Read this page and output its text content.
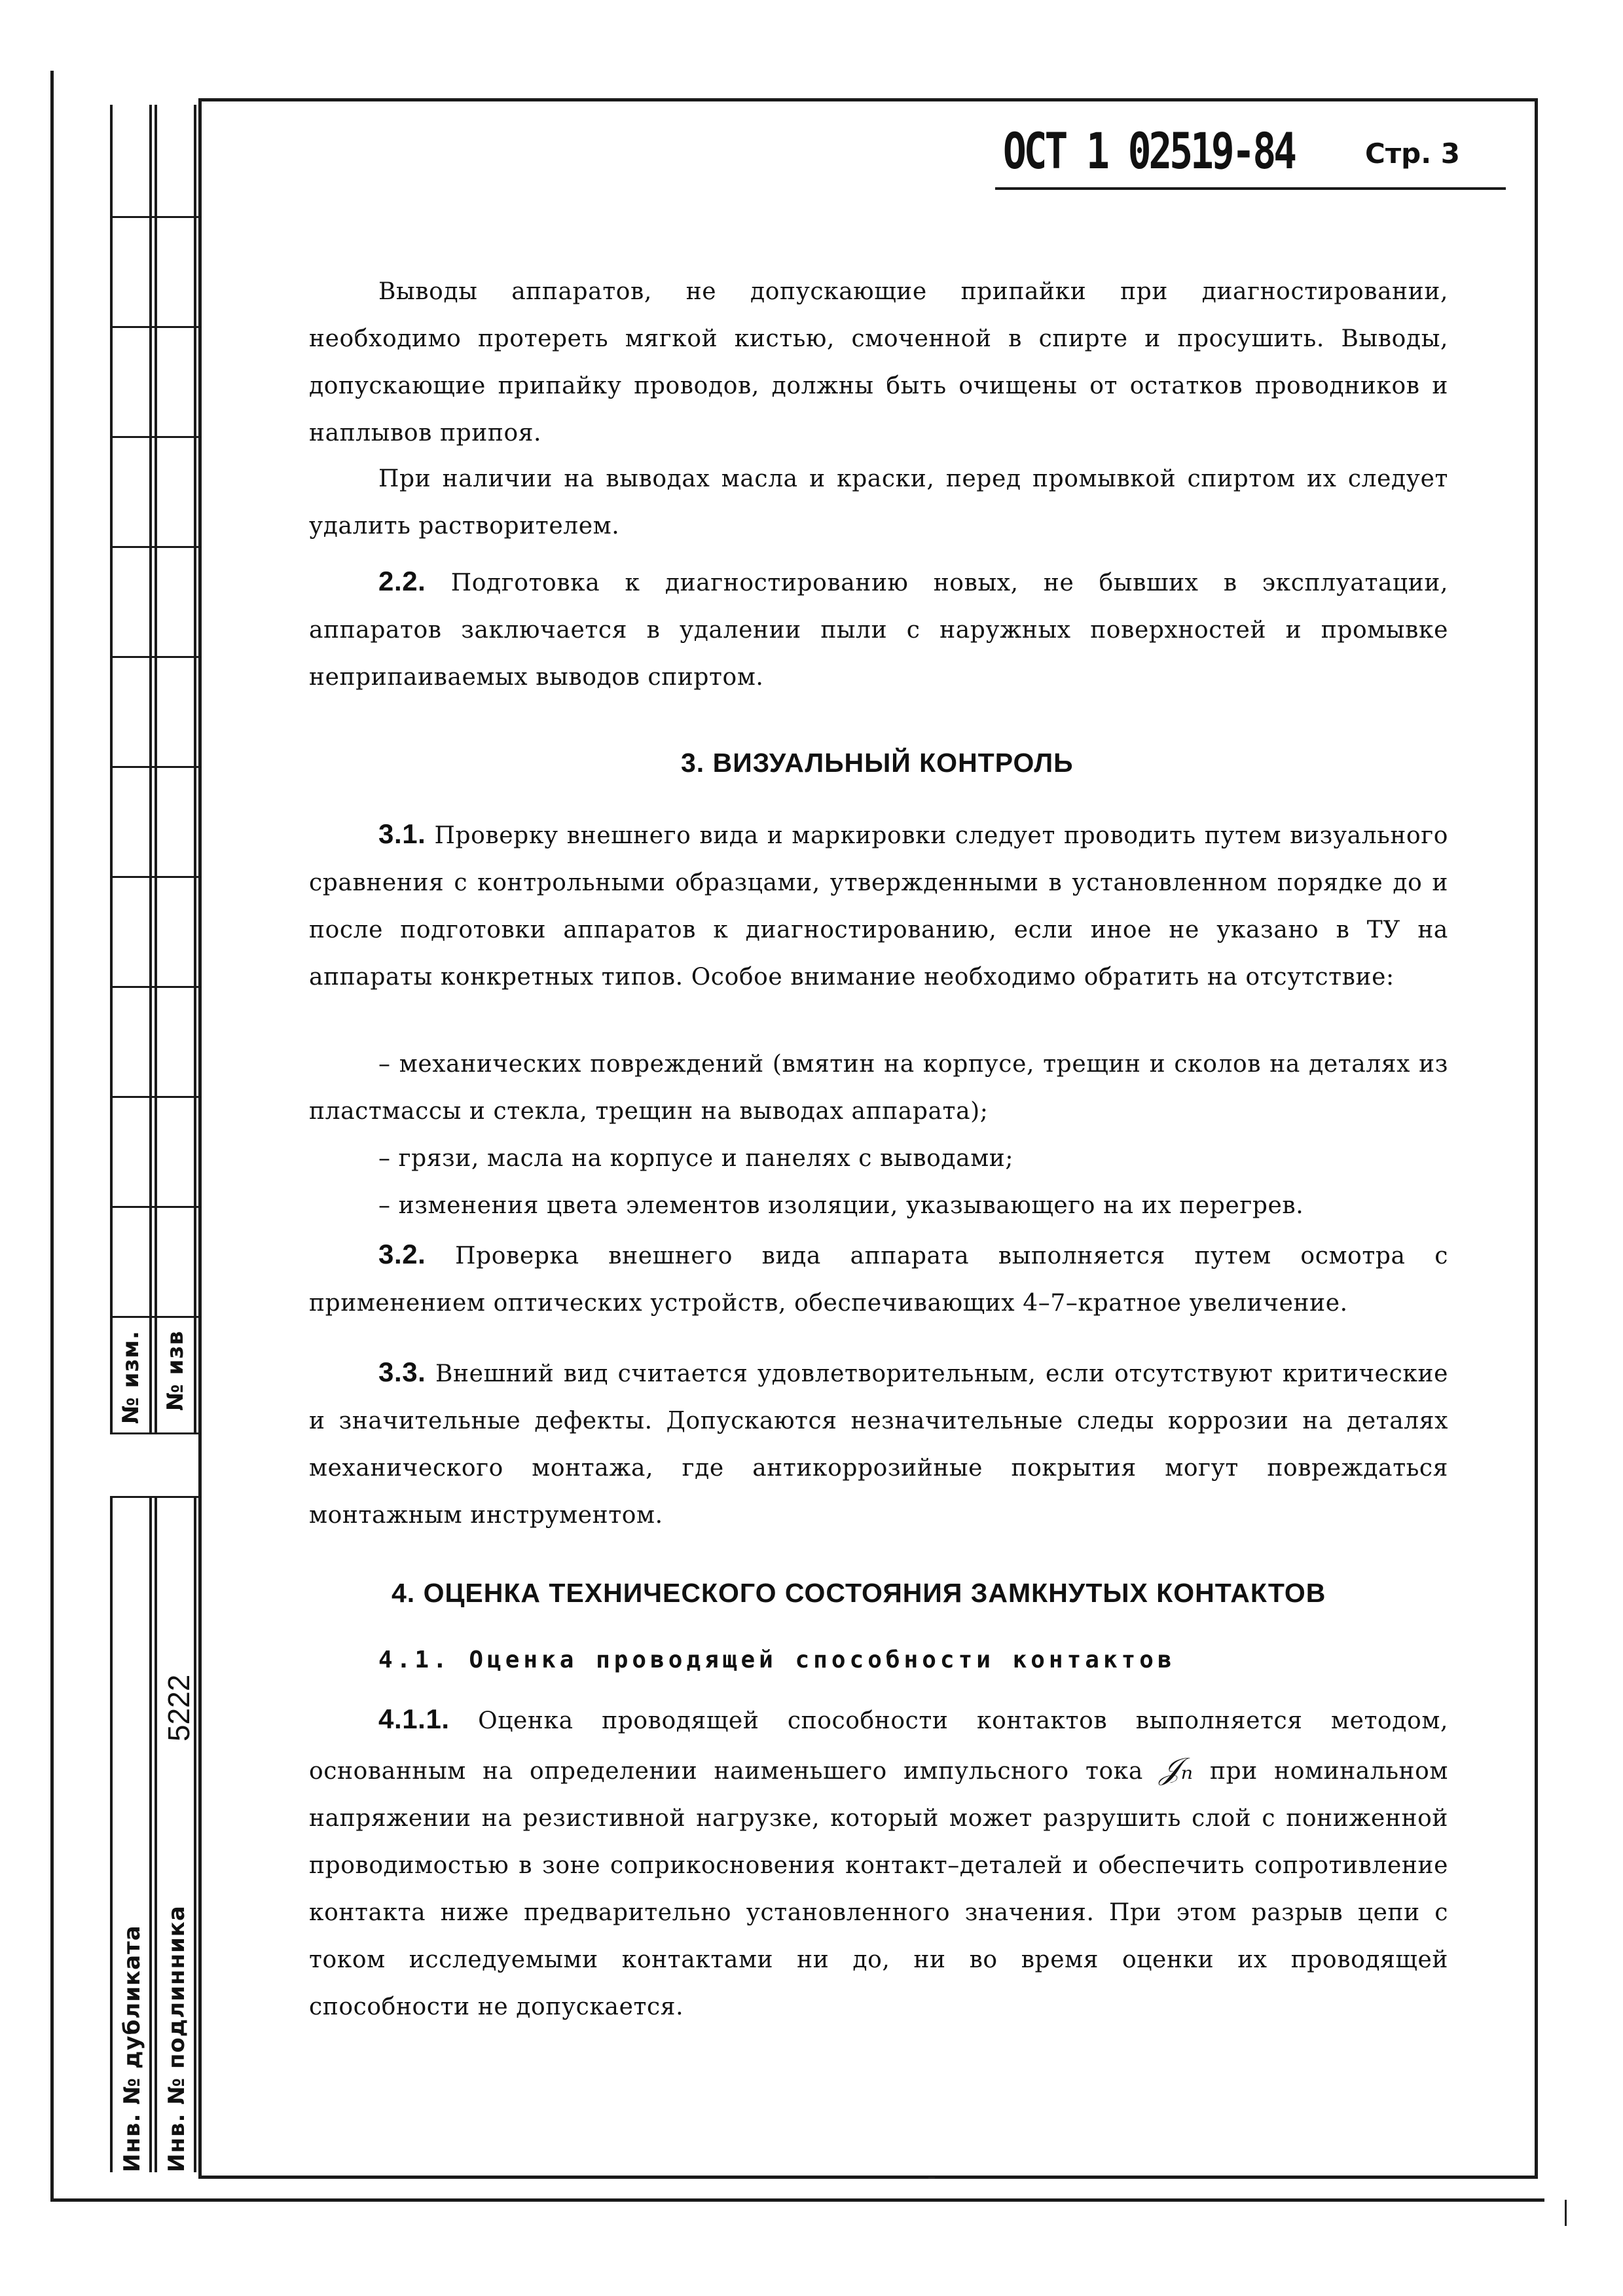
№ изм. № изв
5222
Инв. № дубликата Инв. № подлинника
ОСТ 1 02519-84	Стр. 3

Выводы аппаратов, не допускающие припайки при диагностировании, необходимо протереть мягкой кистью, смоченной в спирте и просушить. Выводы, допускающие припайку проводов, должны быть очищены от остатков проводников и наплывов припоя.

При наличии на выводах масла и краски, перед промывкой спиртом их следует удалить растворителем.

2.2. Подготовка к диагностированию новых, не бывших в эксплуатации, аппаратов заключается в удалении пыли с наружных поверхностей и промывке неприпаиваемых выводов спиртом.

3. ВИЗУАЛЬНЫЙ КОНТРОЛЬ

3.1. Проверку внешнего вида и маркировки следует проводить путем визуального сравнения с контрольными образцами, утвержденными в установленном порядке до и после подготовки аппаратов к диагностированию, если иное не указано в ТУ на аппараты конкретных типов. Особое внимание необходимо обратить на отсутствие:

– механических повреждений (вмятин на корпусе, трещин и сколов на деталях из пластмассы и стекла, трещин на выводах аппарата);

– грязи, масла на корпусе и панелях с выводами;

– изменения цвета элементов изоляции, указывающего на их перегрев.

3.2. Проверка внешнего вида аппарата выполняется путем осмотра с применением оптических устройств, обеспечивающих 4–7–кратное увеличение.

3.3. Внешний вид считается удовлетворительным, если отсутствуют критические и значительные дефекты. Допускаются незначительные следы коррозии на деталях механического монтажа, где антикоррозийные покрытия могут повреждаться монтажным инструментом.

4. ОЦЕНКА ТЕХНИЧЕСКОГО СОСТОЯНИЯ ЗАМКНУТЫХ КОНТАКТОВ
4.1. Оценка проводящей способности контактов

4.1.1. Оценка проводящей способности контактов выполняется методом, основанным на определении наименьшего импульсного тока 𝒥ₙ при номинальном напряжении на резистивной нагрузке, который может разрушить слой с пониженной проводимостью в зоне соприкосновения контакт–деталей и обеспечить сопротивление контакта ниже предварительно установленного значения. При этом разрыв цепи с током исследуемыми контактами ни до, ни во время оценки их проводящей способности не допускается.
